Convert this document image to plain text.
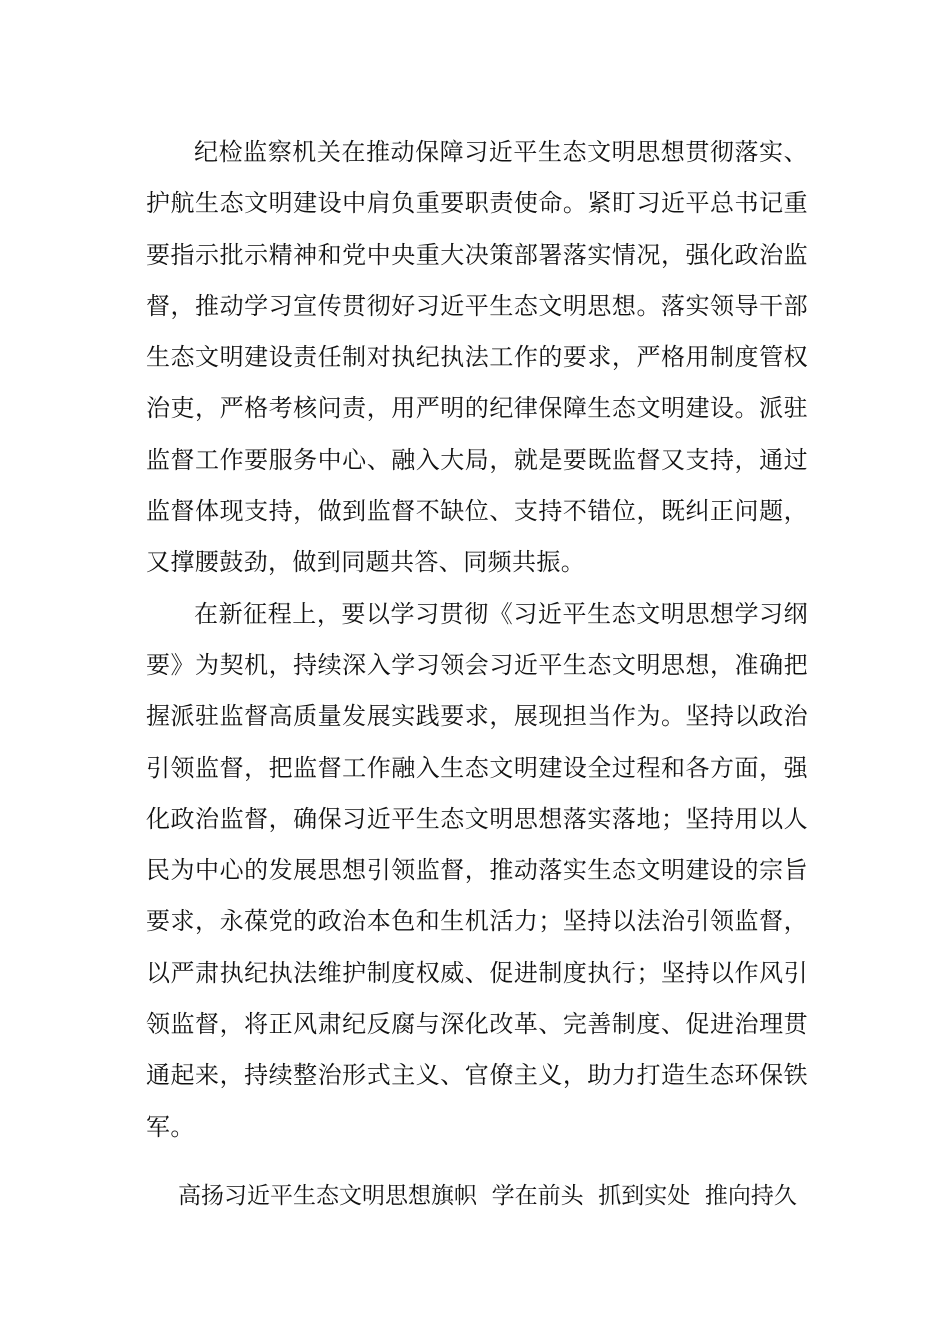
纪检监察机关在推动保障习近平生态文明思想贯彻落实、护航生态文明建设中肩负重要职责使命。紧盯习近平总书记重要指示批示精神和党中央重大决策部署落实情况，强化政治监督，推动学习宣传贯彻好习近平生态文明思想。落实领导干部生态文明建设责任制对执纪执法工作的要求，严格用制度管权治吏，严格考核问责，用严明的纪律保障生态文明建设。派驻监督工作要服务中心、融入大局，就是要既监督又支持，通过监督体现支持，做到监督不缺位、支持不错位，既纠正问题，又撑腰鼓劲，做到同题共答、同频共振。

在新征程上，要以学习贯彻《习近平生态文明思想学习纲要》为契机，持续深入学习领会习近平生态文明思想，准确把握派驻监督高质量发展实践要求，展现担当作为。坚持以政治引领监督，把监督工作融入生态文明建设全过程和各方面，强化政治监督，确保习近平生态文明思想落实落地；坚持用以人民为中心的发展思想引领监督，推动落实生态文明建设的宗旨要求，永葆党的政治本色和生机活力；坚持以法治引领监督，以严肃执纪执法维护制度权威、促进制度执行；坚持以作风引领监督，将正风肃纪反腐与深化改革、完善制度、促进治理贯通起来，持续整治形式主义、官僚主义，助力打造生态环保铁军。

高扬习近平生态文明思想旗帜  学在前头  抓到实处  推向持久
